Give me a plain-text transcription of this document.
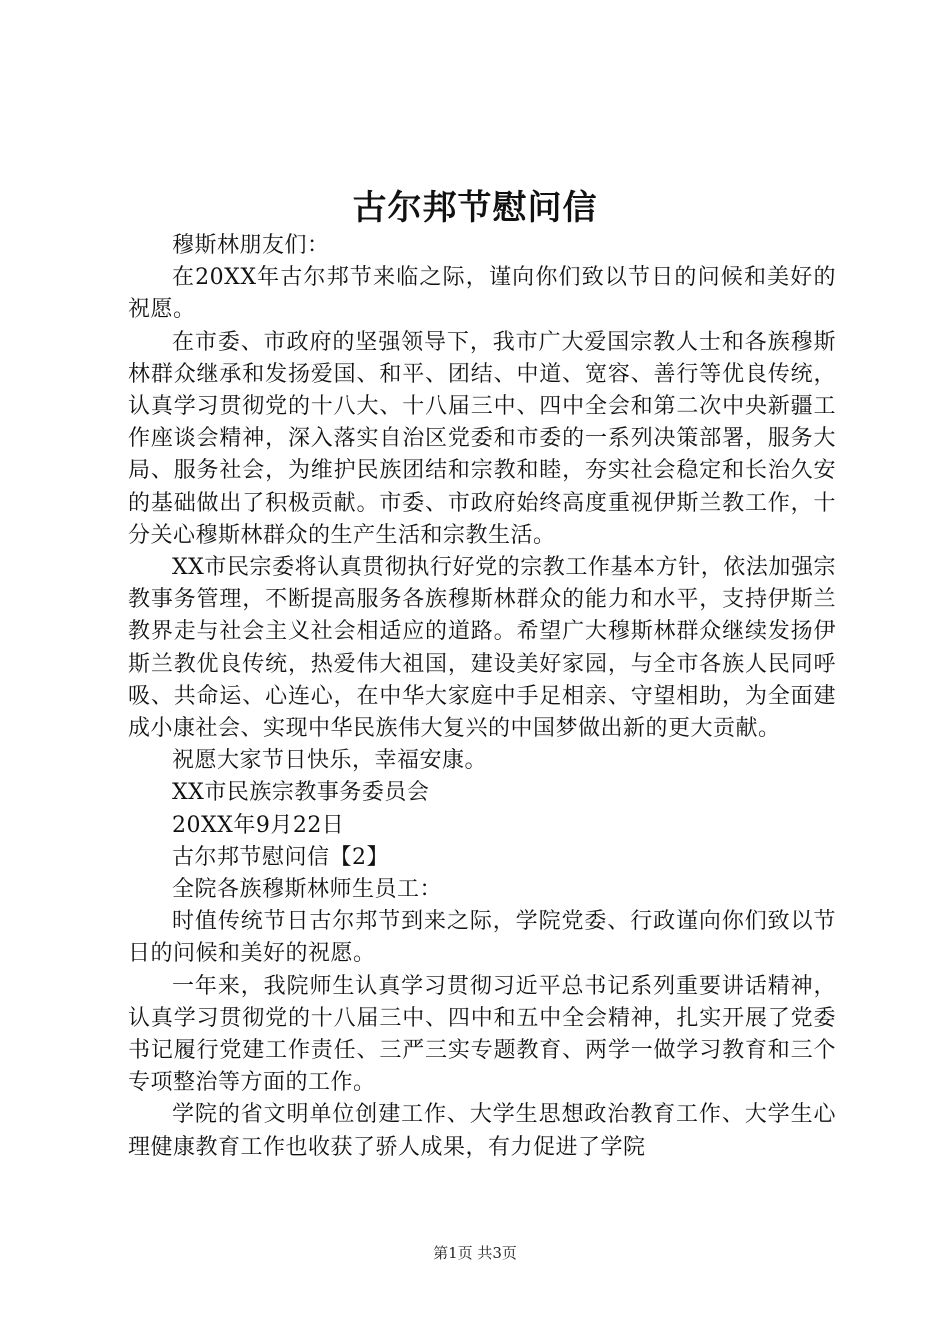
古尔邦节慰问信

穆斯林朋友们：

在20XX年古尔邦节来临之际，谨向你们致以节日的问候和美好的祝愿。

在市委、市政府的坚强领导下，我市广大爱国宗教人士和各族穆斯林群众继承和发扬爱国、和平、团结、中道、宽容、善行等优良传统，认真学习贯彻党的十八大、十八届三中、四中全会和第二次中央新疆工作座谈会精神，深入落实自治区党委和市委的一系列决策部署，服务大局、服务社会，为维护民族团结和宗教和睦，夯实社会稳定和长治久安的基础做出了积极贡献。市委、市政府始终高度重视伊斯兰教工作，十分关心穆斯林群众的生产生活和宗教生活。

XX市民宗委将认真贯彻执行好党的宗教工作基本方针，依法加强宗教事务管理，不断提高服务各族穆斯林群众的能力和水平，支持伊斯兰教界走与社会主义社会相适应的道路。希望广大穆斯林群众继续发扬伊斯兰教优良传统，热爱伟大祖国，建设美好家园，与全市各族人民同呼吸、共命运、心连心，在中华大家庭中手足相亲、守望相助，为全面建成小康社会、实现中华民族伟大复兴的中国梦做出新的更大贡献。

祝愿大家节日快乐，幸福安康。

XX市民族宗教事务委员会

20XX年9月22日

古尔邦节慰问信【2】

全院各族穆斯林师生员工：

时值传统节日古尔邦节到来之际，学院党委、行政谨向你们致以节日的问候和美好的祝愿。

一年来，我院师生认真学习贯彻习近平总书记系列重要讲话精神，认真学习贯彻党的十八届三中、四中和五中全会精神，扎实开展了党委书记履行党建工作责任、三严三实专题教育、两学一做学习教育和三个专项整治等方面的工作。

学院的省文明单位创建工作、大学生思想政治教育工作、大学生心理健康教育工作也收获了骄人成果，有力促进了学院

第1页 共3页
